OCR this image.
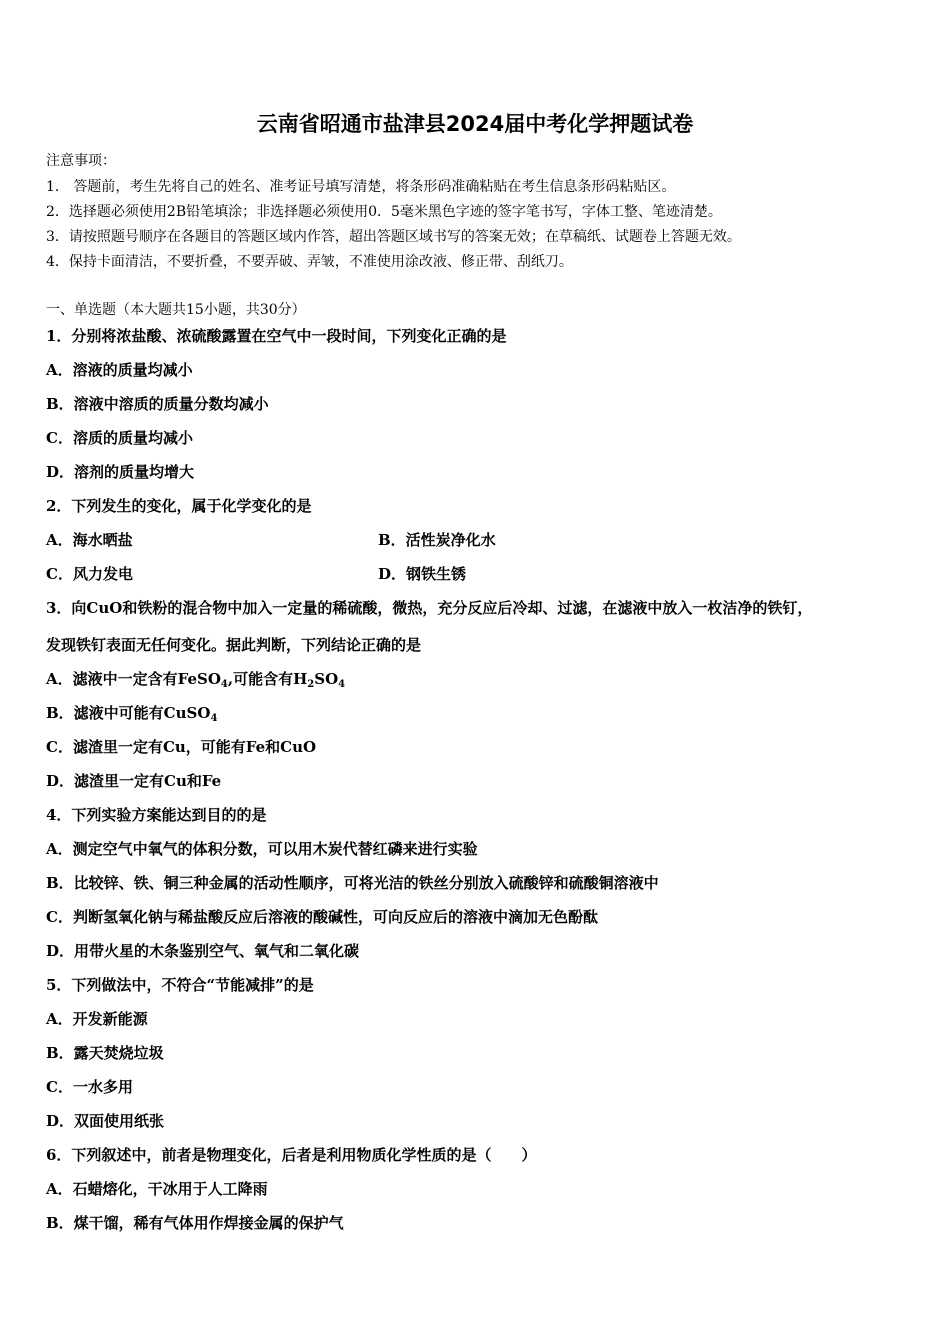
云南省昭通市盐津县2024届中考化学押题试卷
注意事项：
1.　答题前，考生先将自己的姓名、准考证号填写清楚，将条形码准确粘贴在考生信息条形码粘贴区。
2．选择题必须使用2B铅笔填涂；非选择题必须使用0．5毫米黑色字迹的签字笔书写，字体工整、笔迹清楚。
3．请按照题号顺序在各题目的答题区域内作答，超出答题区域书写的答案无效；在草稿纸、试题卷上答题无效。
4．保持卡面清洁，不要折叠，不要弄破、弄皱，不准使用涂改液、修正带、刮纸刀。
一、单选题（本大题共15小题，共30分）
1．分别将浓盐酸、浓硫酸露置在空气中一段时间，下列变化正确的是
A．溶液的质量均减小
B．溶液中溶质的质量分数均减小
C．溶质的质量均减小
D．溶剂的质量均增大
2．下列发生的变化，属于化学变化的是
A．海水晒盐	B．活性炭净化水
C．风力发电	D．钢铁生锈
3．向CuO和铁粉的混合物中加入一定量的稀硫酸，微热，充分反应后冷却、过滤，在滤液中放入一枚洁净的铁钉，
发现铁钉表面无任何变化。据此判断，下列结论正确的是
A．滤液中一定含有FeSO$_4$,可能含有$H_2SO_4$
B．滤液中可能有CuSO$_4$
C．滤渣里一定有Cu，可能有Fe和CuO
D．滤渣里一定有Cu和Fe
4．下列实验方案能达到目的的是
A．测定空气中氧气的体积分数，可以用木炭代替红磷来进行实验
B．比较锌、铁、铜三种金属的活动性顺序，可将光洁的铁丝分别放入硫酸锌和硫酸铜溶液中
C．判断氢氧化钠与稀盐酸反应后溶液的酸碱性，可向反应后的溶液中滴加无色酚酞
D．用带火星的木条鉴别空气、氧气和二氧化碳
5．下列做法中，不符合“节能减排”的是
A．开发新能源
B．露天焚烧垃圾
C．一水多用
D．双面使用纸张
6．下列叙述中，前者是物理变化，后者是利用物质化学性质的是（　　）
A．石蜡熔化，干冰用于人工降雨
B．煤干馏，稀有气体用作焊接金属的保护气
